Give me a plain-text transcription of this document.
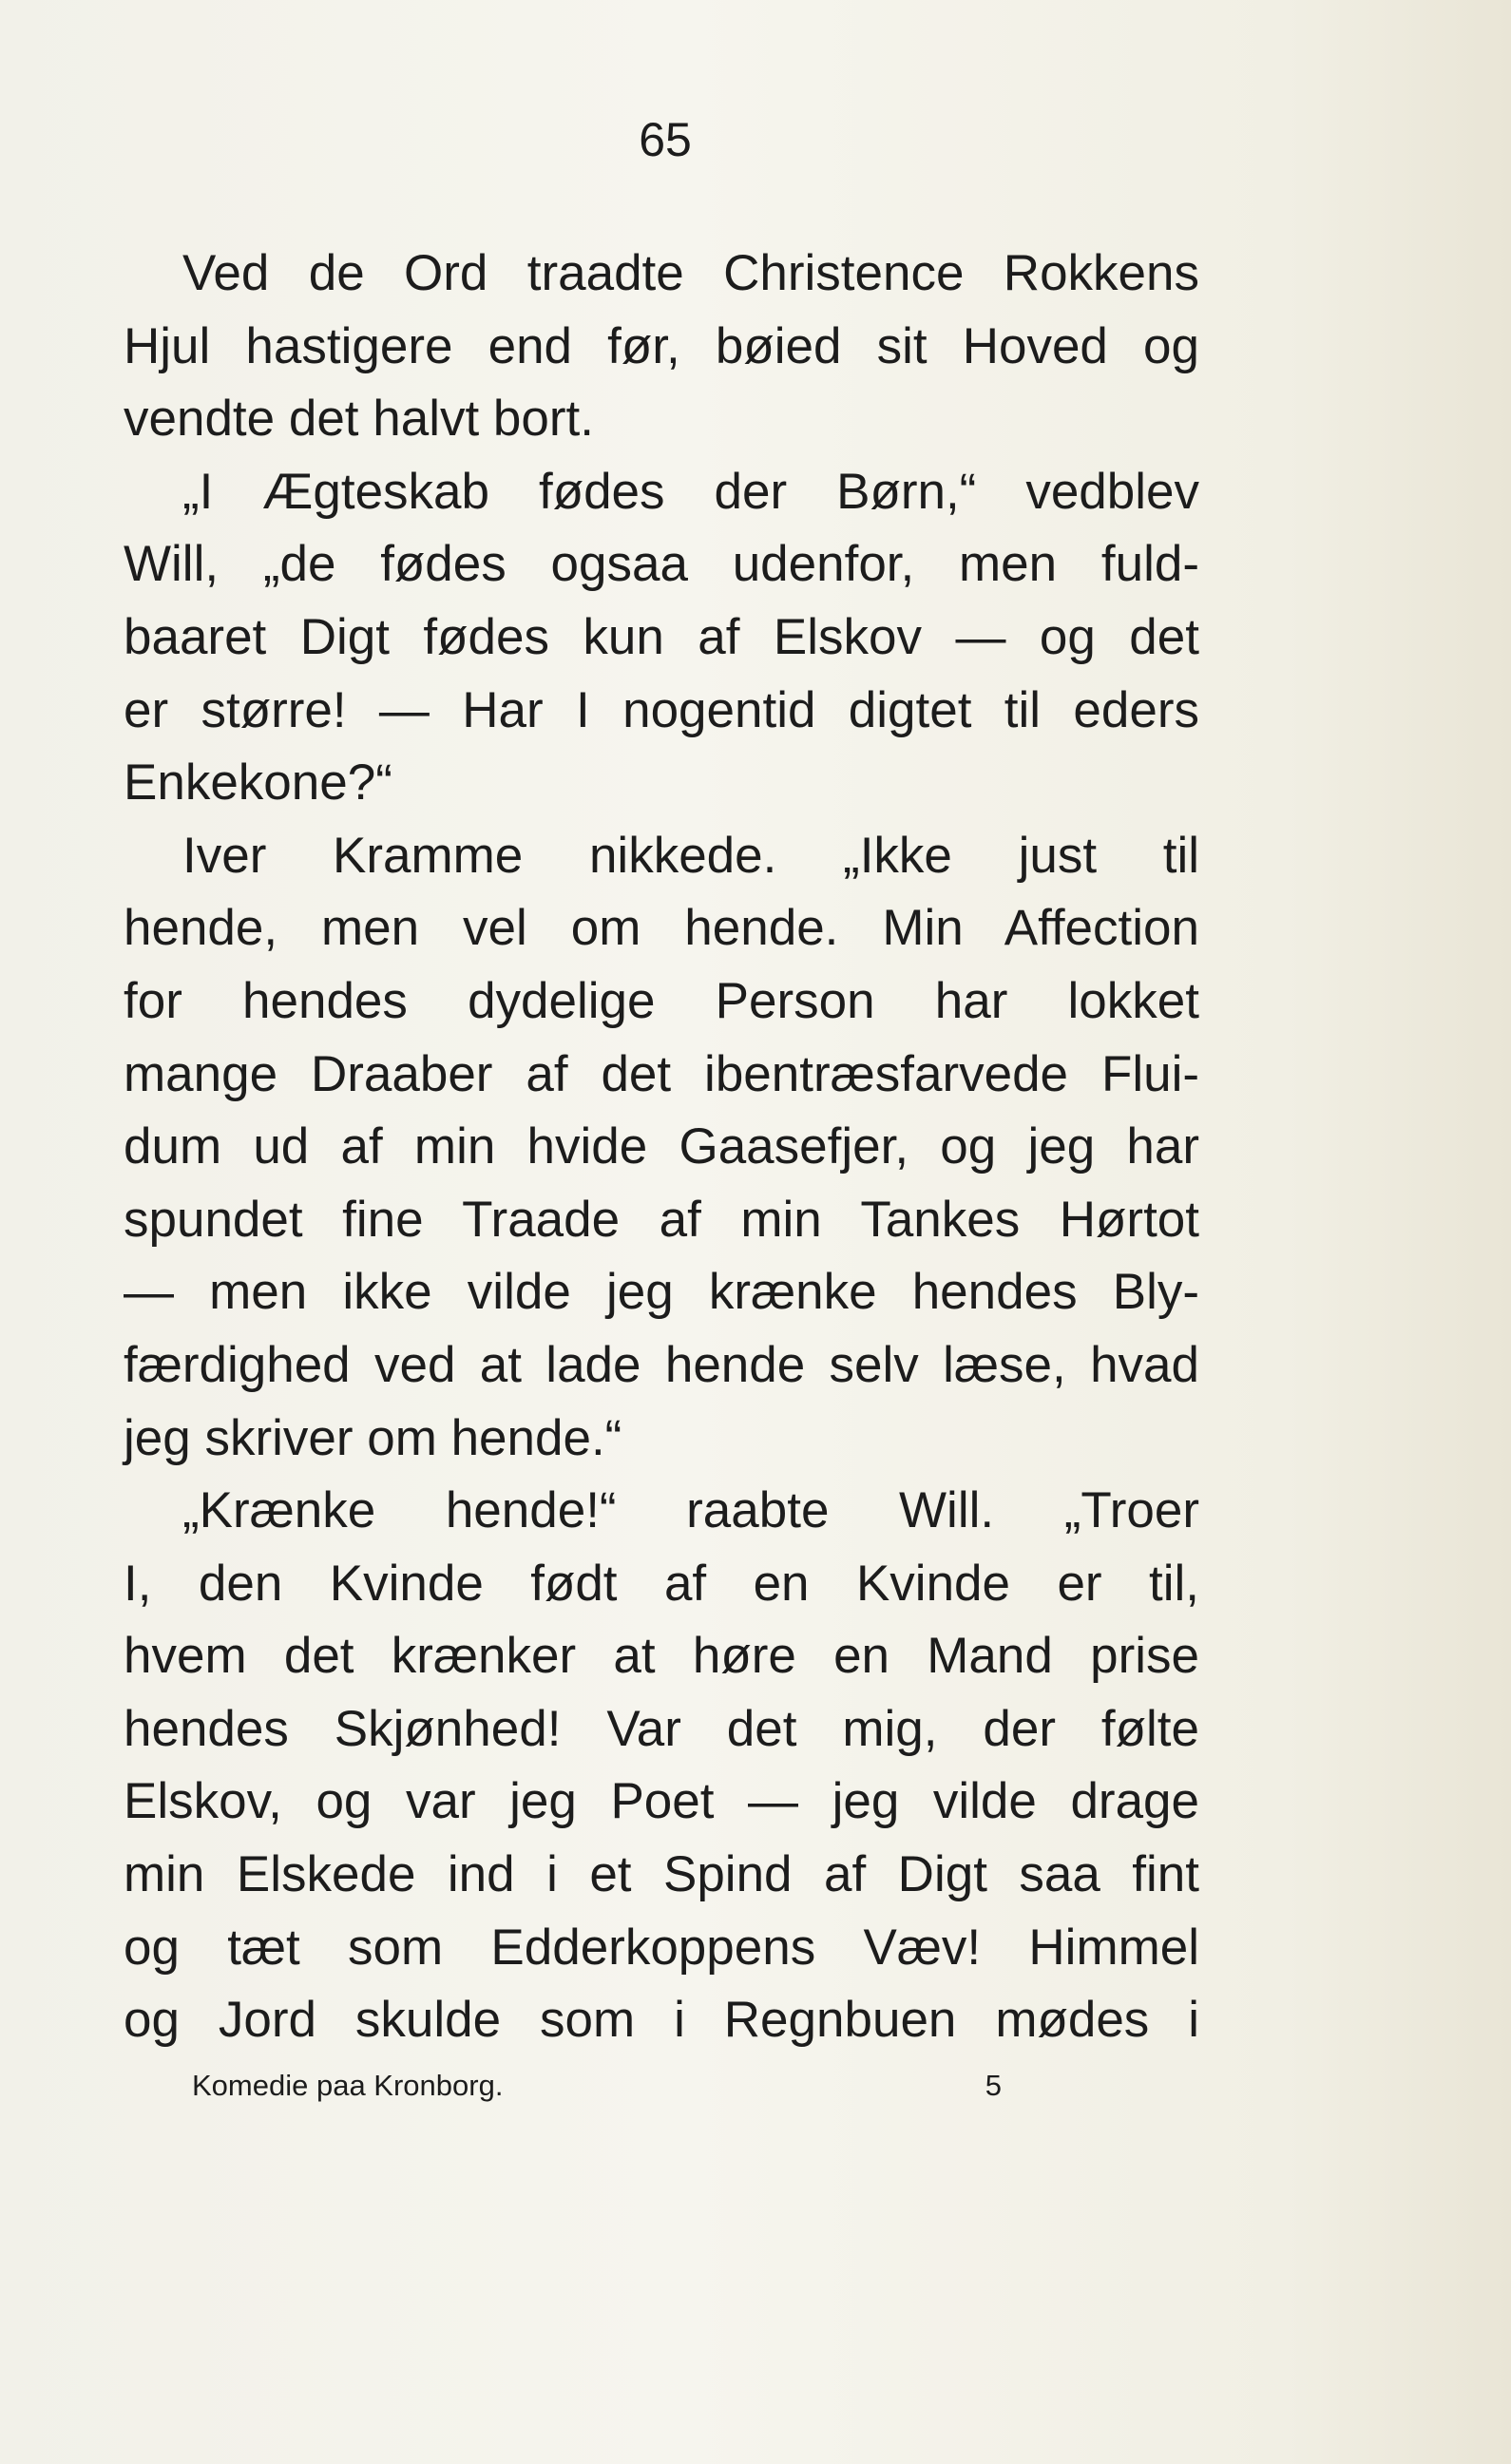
65
Ved de Ord traadte Christence Rokkens
Hjul hastigere end før, bøied sit Hoved og
vendte det halvt bort.
„I Ægteskab fødes der Børn,“ vedblev
Will, „de fødes ogsaa udenfor, men fuld-
baaret Digt fødes kun af Elskov — og det
er større! — Har I nogentid digtet til eders
Enkekone?“
Iver Kramme nikkede. „Ikke just til
hende, men vel om hende. Min Affection
for hendes dydelige Person har lokket
mange Draaber af det ibentræsfarvede Flui-
dum ud af min hvide Gaasefjer, og jeg har
spundet fine Traade af min Tankes Hørtot
— men ikke vilde jeg krænke hendes Bly-
færdighed ved at lade hende selv læse, hvad
jeg skriver om hende.“
„Krænke hende!“ raabte Will. „Troer
I, den Kvinde født af en Kvinde er til,
hvem det krænker at høre en Mand prise
hendes Skjønhed! Var det mig, der følte
Elskov, og var jeg Poet — jeg vilde drage
min Elskede ind i et Spind af Digt saa fint
og tæt som Edderkoppens Væv! Himmel
og Jord skulde som i Regnbuen mødes i
Komedie paa Kronborg.	5
